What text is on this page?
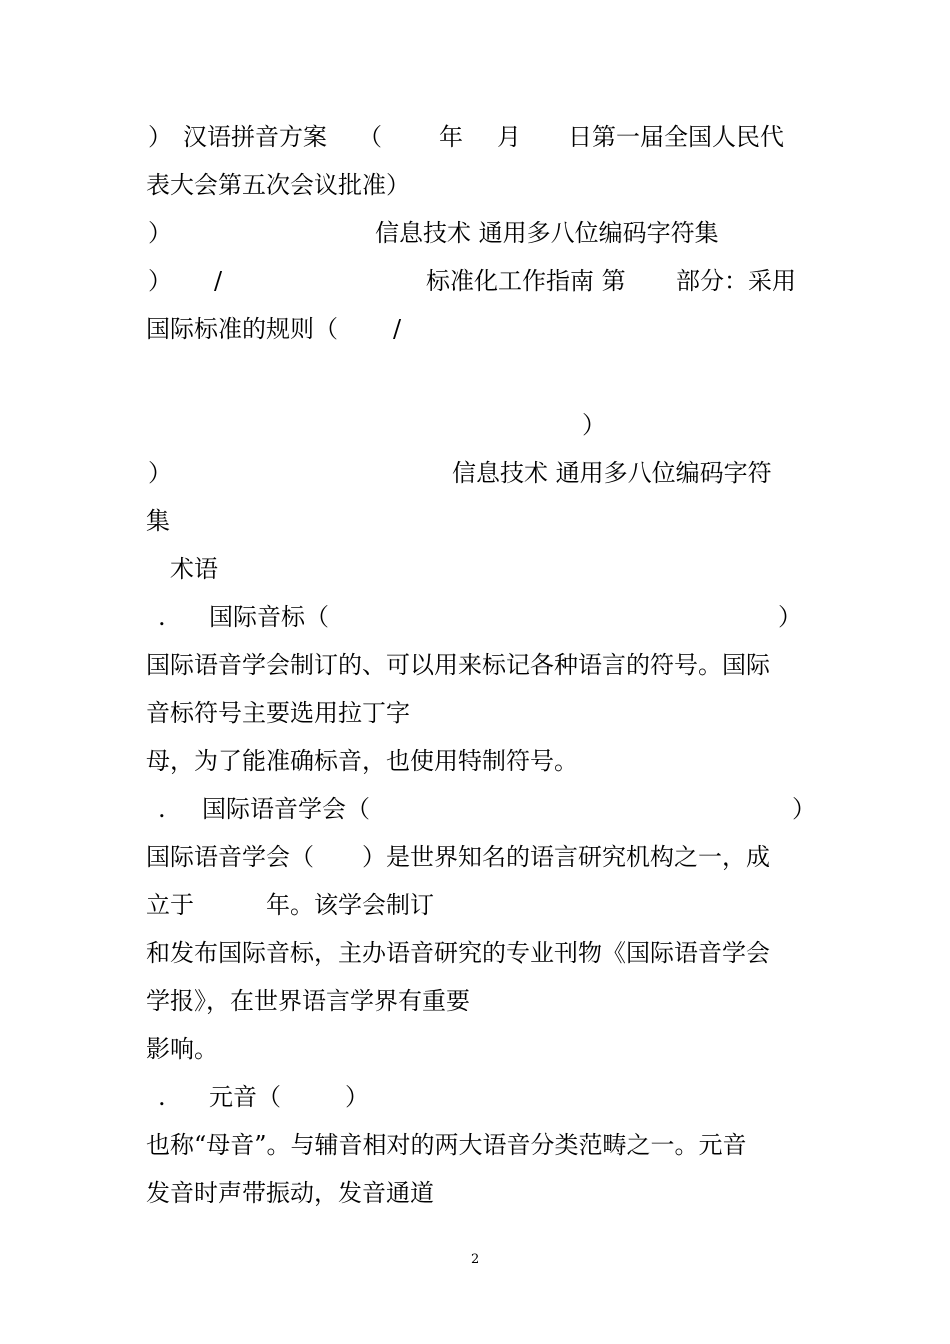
） 汉语拼音方案 （ 年 月 日第一届全国人民代
表大会第五次会议批准）
）	信息技术 通用多八位编码字符集
） /	标准化工作指南 第 部分：采用
国际标准的规则（ /
）
）	信息技术 通用多八位编码字符
集
术语
. 国际音标（	）
国际语音学会制订的、可以用来标记各种语言的符号。国际
音标符号主要选用拉丁字
母，为了能准确标音，也使用特制符号。
. 国际语音学会（	）
国际语音学会（ ）是世界知名的语言研究机构之一，成
立于	年。该学会制订
和发布国际音标，主办语音研究的专业刊物《国际语音学会
学报》，在世界语言学界有重要
影响。
. 元音（	）
也称“母音”。与辅音相对的两大语音分类范畴之一。元音
发音时声带振动，发音通道
2
